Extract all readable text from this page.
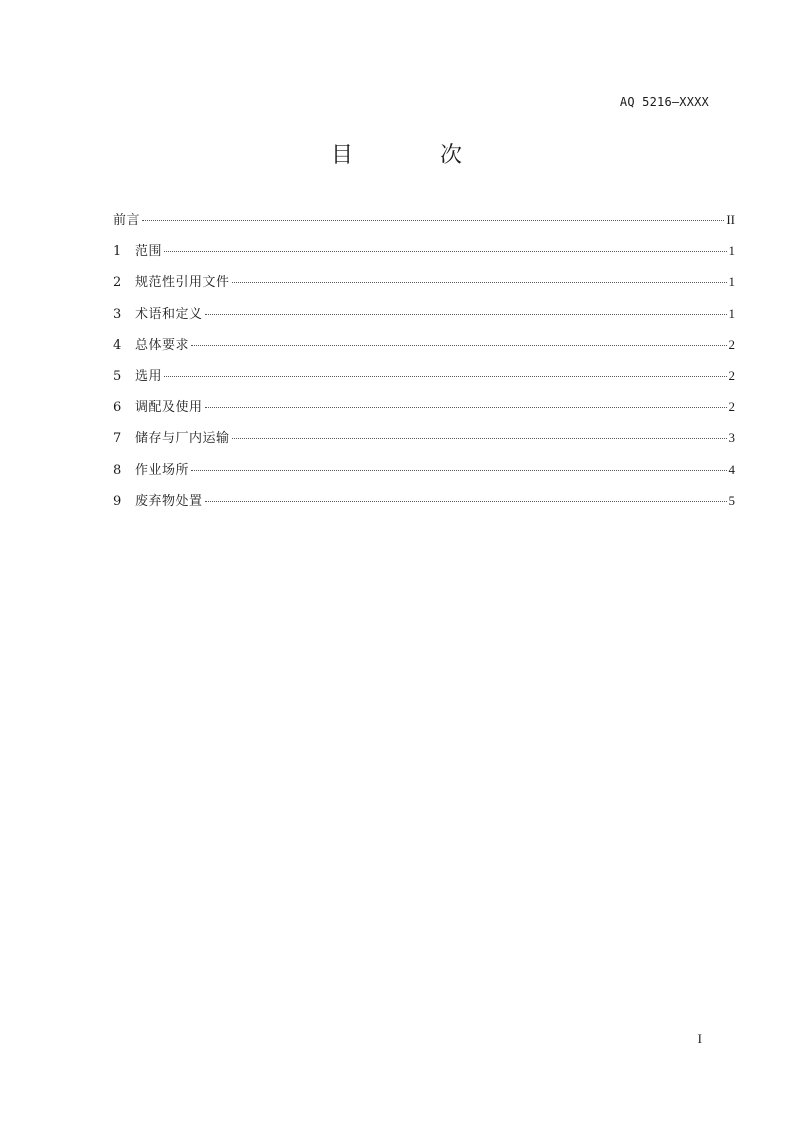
AQ 5216—XXXX
目 次
前言	II
1	范围	1
2	规范性引用文件	1
3	术语和定义	1
4	总体要求	2
5	选用	2
6	调配及使用	2
7	储存与厂内运输	3
8	作业场所	4
9	废弃物处置	5
I
